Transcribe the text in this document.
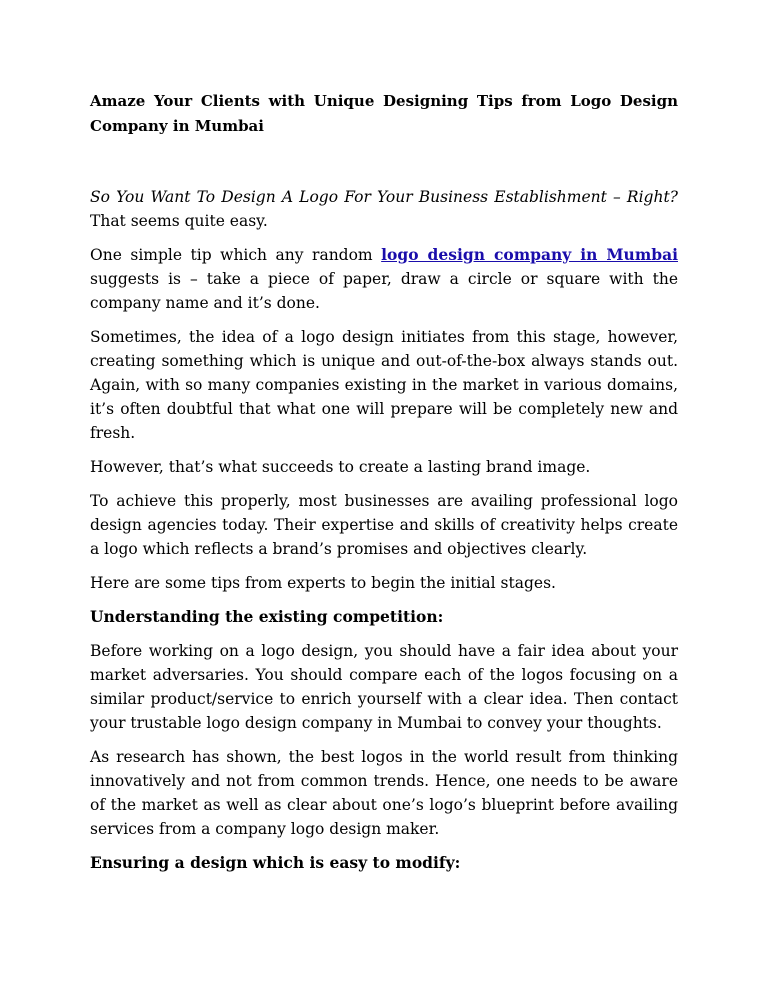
Amaze Your Clients with Unique Designing Tips from Logo Design Company in Mumbai

So You Want To Design A Logo For Your Business Establishment – Right? That seems quite easy.

One simple tip which any random logo design company in Mumbai suggests is – take a piece of paper, draw a circle or square with the company name and it’s done.

Sometimes, the idea of a logo design initiates from this stage, however, creating something which is unique and out-of-the-box always stands out. Again, with so many companies existing in the market in various domains, it’s often doubtful that what one will prepare will be completely new and fresh.

However, that’s what succeeds to create a lasting brand image.

To achieve this properly, most businesses are availing professional logo design agencies today. Their expertise and skills of creativity helps create a logo which reflects a brand’s promises and objectives clearly.

Here are some tips from experts to begin the initial stages.

Understanding the existing competition:

Before working on a logo design, you should have a fair idea about your market adversaries. You should compare each of the logos focusing on a similar product/service to enrich yourself with a clear idea. Then contact your trustable logo design company in Mumbai to convey your thoughts.

As research has shown, the best logos in the world result from thinking innovatively and not from common trends. Hence, one needs to be aware of the market as well as clear about one’s logo’s blueprint before availing services from a company logo design maker.

Ensuring a design which is easy to modify:
